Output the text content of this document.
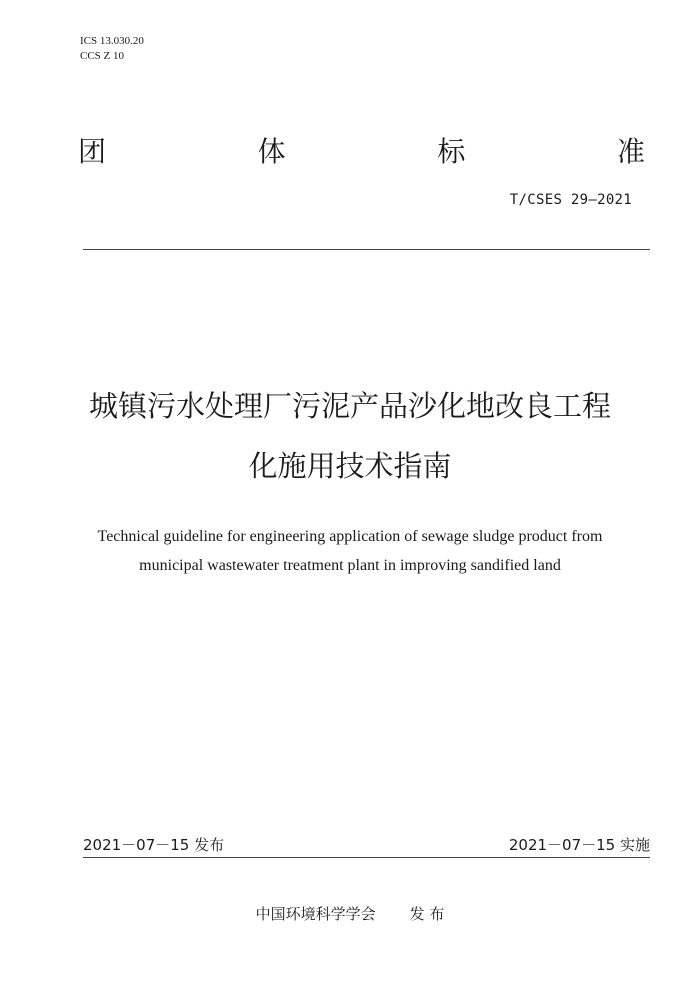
ICS 13.030.20
CCS Z 10
团	体	标	准
T/CSES 29—2021
城镇污水处理厂污泥产品沙化地改良工程
化施用技术指南
Technical guideline for engineering application of sewage sludge product from
municipal wastewater treatment plant in improving sandified land
2021－07－15 发布	2021－07－15 实施
中国环境科学学会 发 布
